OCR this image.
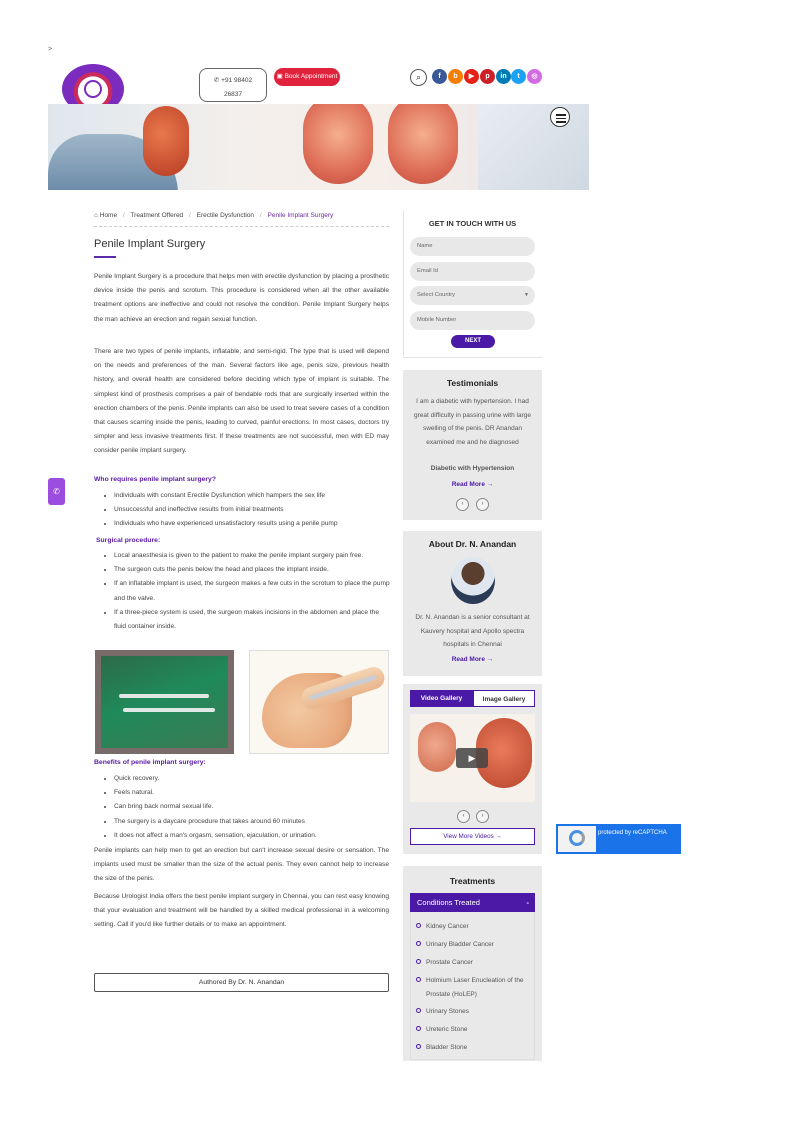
>
✆ +91 98402
26837
▣ Book Appointment	⌕	f	b	▶	p	in	t	◎
⌂ Home / Treatment Offered / Erectile Dysfunction / Penile Implant Surgery
Penile Implant Surgery
Penile Implant Surgery is a procedure that helps men with erectile dysfunction by placing a prosthetic device inside the penis and scrotum. This procedure is considered when all the other available treatment options are ineffective and could not resolve the condition. Penile Implant Surgery helps the man achieve an erection and regain sexual function.
There are two types of penile implants, inflatable, and semi-rigid. The type that is used will depend on the needs and preferences of the man. Several factors like age, penis size, previous health history, and overall health are considered before deciding which type of implant is suitable. The simplest kind of prosthesis comprises a pair of bendable rods that are surgically inserted within the erection chambers of the penis. Penile implants can also be used to treat severe cases of a condition that causes scarring inside the penis, leading to curved, painful erections. In most cases, doctors try simpler and less invasive treatments first. If these treatments are not successful, men with ED may consider penile implant surgery.
Who requires penile implant surgery?
• Individuals with constant Erectile Dysfunction which hampers the sex life
• Unsuccessful and ineffective results from initial treatments
• Individuals who have experienced unsatisfactory results using a penile pump
Surgical procedure:
• Local anaesthesia is given to the patient to make the penile implant surgery pain free.
• The surgeon cuts the penis below the head and places the implant inside.
• If an inflatable implant is used, the surgeon makes a few cuts in the scrotum to place the pump and the valve.
• If a three-piece system is used, the surgeon makes incisions in the abdomen and place the fluid container inside.
Benefits of penile implant surgery:
• Quick recovery.
• Feels natural.
• Can bring back normal sexual life.
• The surgery is a daycare procedure that takes around 60 minutes
• It does not affect a man's orgasm, sensation, ejaculation, or urination.
Penile implants can help men to get an erection but can't increase sexual desire or sensation. The implants used must be smaller than the size of the actual penis. They even cannot help to increase the size of the penis.
Because Urologist India offers the best penile implant surgery in Chennai, you can rest easy knowing that your evaluation and treatment will be handled by a skilled medical professional in a welcoming setting. Call if you'd like further details or to make an appointment.
Authored By Dr. N. Anandan
✆
GET IN TOUCH WITH US
Name
Email Id
Select Country	▼
Mobile Number
NEXT
Testimonials
I am a diabetic with hypertension. I had great difficulty in passing urine with large swelling of the penis. DR Anandan examined me and he diagnosed
Diabetic with Hypertension
Read More →
‹	›
About Dr. N. Anandan
Dr. N. Anandan is a senior consultant at Kauvery hospital and Apollo spectra hospitals in Chennai
Read More →
Video Gallery	Image Gallery
▶
‹	›
View More Videos →
Treatments
Conditions Treated	-
Kidney Cancer
Urinary Bladder Cancer
Prostate Cancer
Holmium Laser Enucleation of the Prostate (HoLEP)
Urinary Stones
Ureteric Stone
Bladder Stone
protected by reCAPTCHA
